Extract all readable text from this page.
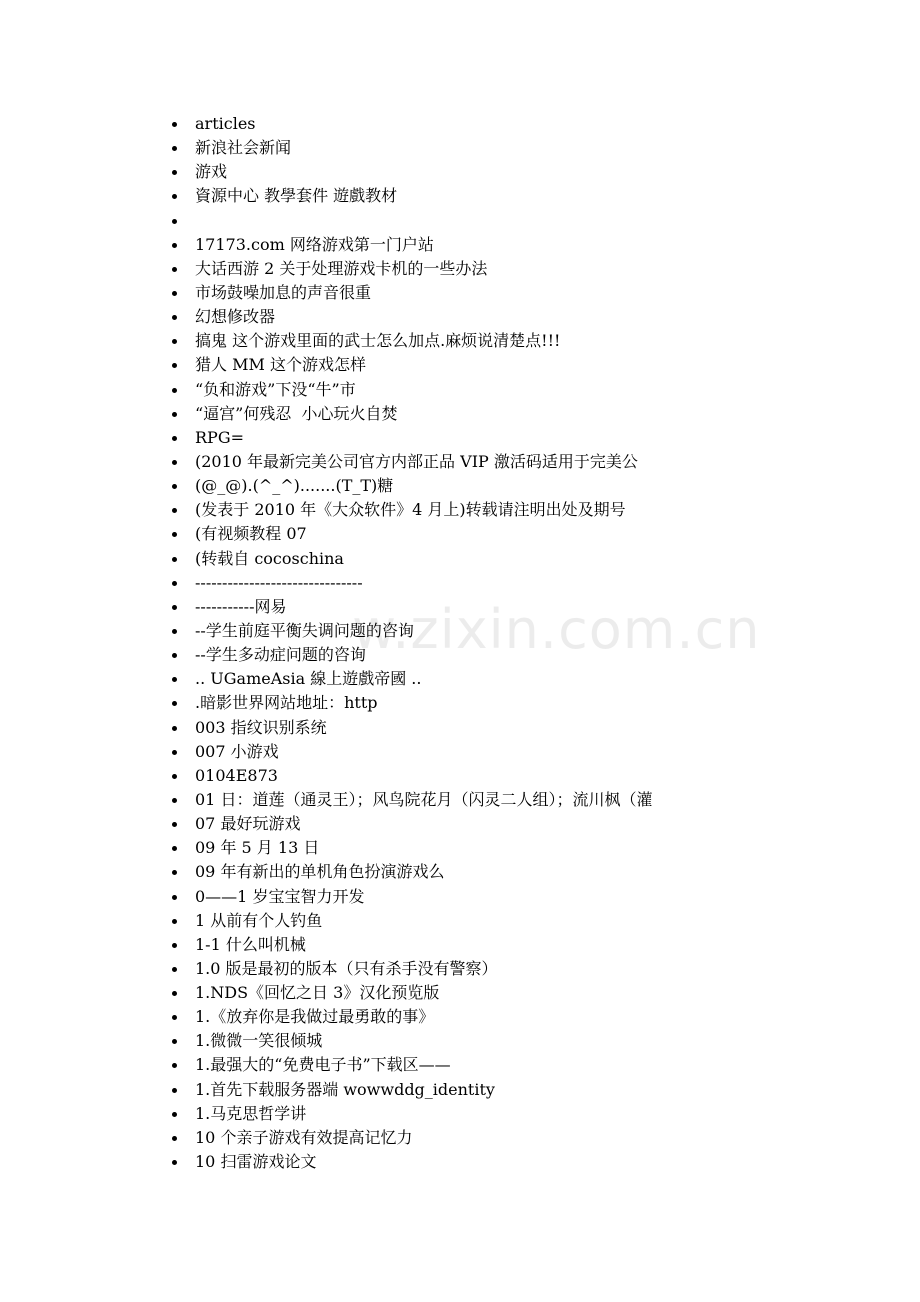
articles
新浪社会新闻
游戏
資源中心 教學套件 遊戲教材
17173.com 网络游戏第一门户站
大话西游 2 关于处理游戏卡机的一些办法
市场鼓噪加息的声音很重
幻想修改器
搞鬼 这个游戏里面的武士怎么加点.麻烦说清楚点!!!
猎人 MM 这个游戏怎样
“负和游戏”下没“牛”市
“逼宫”何残忍  小心玩火自焚
RPG=
(2010 年最新完美公司官方内部正品 VIP 激活码适用于完美公
(@_@).(^_^).......(T_T)糖
(发表于 2010 年《大众软件》4 月上)转载请注明出处及期号
(有视频教程 07
(转载自 cocoschina
-------------------------------
-----------网易
--学生前庭平衡失调问题的咨询
--学生多动症问题的咨询
.. UGameAsia 線上遊戲帝國 ..
.暗影世界网站地址：http
003 指纹识别系统
007 小游戏
0104E873
01 日：道莲（通灵王）；风鸟院花月（闪灵二人组）；流川枫（灌
07 最好玩游戏
09 年 5 月 13 日
09 年有新出的单机角色扮演游戏么
0——1 岁宝宝智力开发
1 从前有个人钓鱼
1-1 什么叫机械
1.0 版是最初的版本（只有杀手没有警察）
1.NDS《回忆之日 3》汉化预览版
1.《放弃你是我做过最勇敢的事》
1.微微一笑很倾城
1.最强大的“免费电子书”下载区——
1.首先下载服务器端 wowwddg_identity
1.马克思哲学讲
10 个亲子游戏有效提高记忆力
10 扫雷游戏论文
w.zixin.com.cn
